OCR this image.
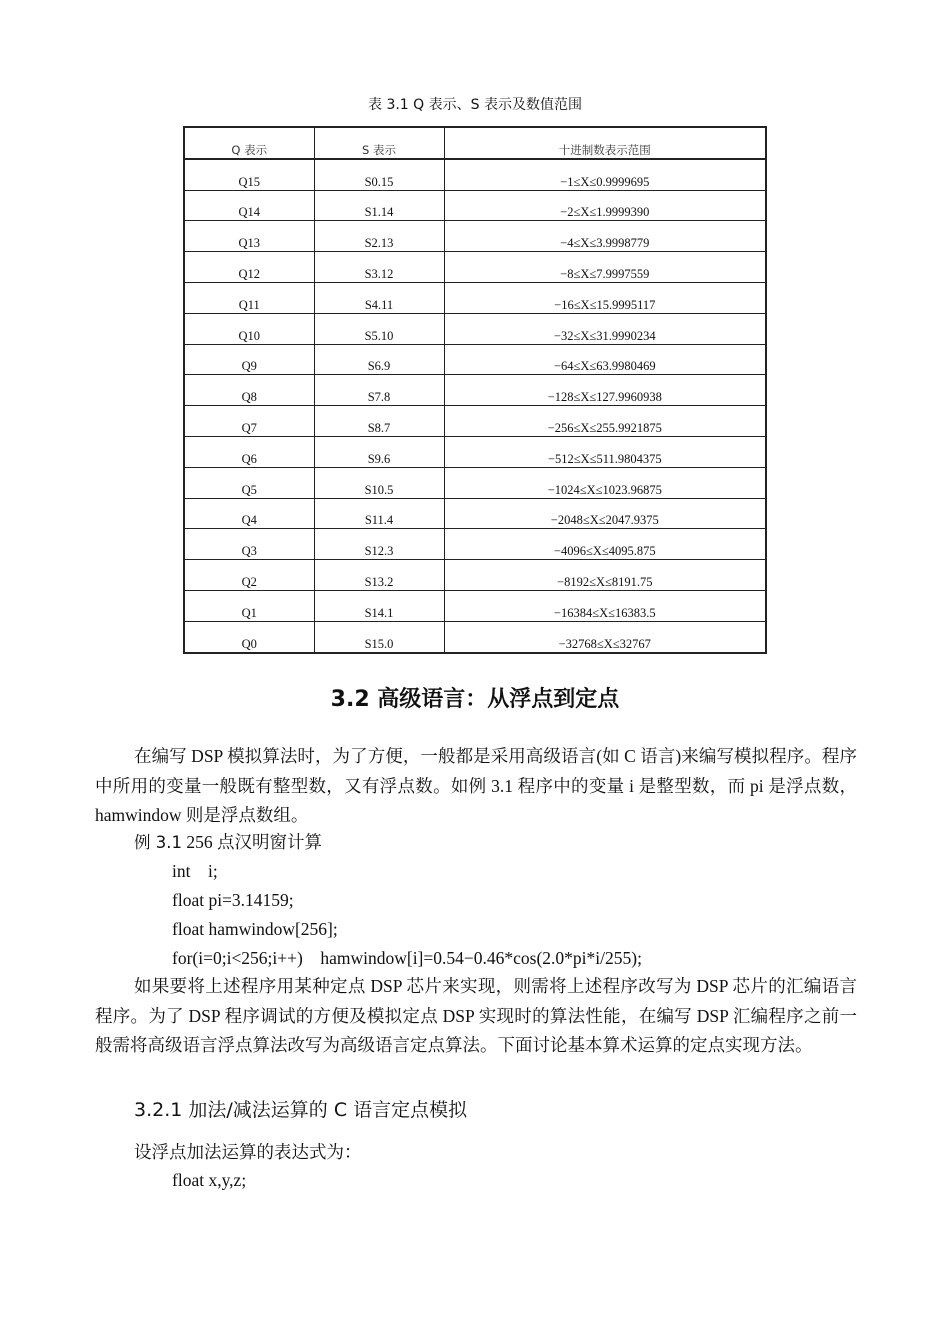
表 3.1 Q 表示、S 表示及数值范围
Q 表示	S 表示	十进制数表示范围
Q15	S0.15	−1≤X≤0.9999695
Q14	S1.14	−2≤X≤1.9999390
Q13	S2.13	−4≤X≤3.9998779
Q12	S3.12	−8≤X≤7.9997559
Q11	S4.11	−16≤X≤15.9995117
Q10	S5.10	−32≤X≤31.9990234
Q9	S6.9	−64≤X≤63.9980469
Q8	S7.8	−128≤X≤127.9960938
Q7	S8.7	−256≤X≤255.9921875
Q6	S9.6	−512≤X≤511.9804375
Q5	S10.5	−1024≤X≤1023.96875
Q4	S11.4	−2048≤X≤2047.9375
Q3	S12.3	−4096≤X≤4095.875
Q2	S13.2	−8192≤X≤8191.75
Q1	S14.1	−16384≤X≤16383.5
Q0	S15.0	−32768≤X≤32767
3.2 高级语言：从浮点到定点
在编写 DSP 模拟算法时，为了方便，一般都是采用高级语言(如 C 语言)来编写模拟程序。程序中所用的变量一般既有整型数，又有浮点数。如例 3.1 程序中的变量 i 是整型数，而 pi 是浮点数，hamwindow 则是浮点数组。
例 3.1 256 点汉明窗计算
int    i;
float pi=3.14159;
float hamwindow[256];
for(i=0;i<256;i++)    hamwindow[i]=0.54−0.46*cos(2.0*pi*i/255);
如果要将上述程序用某种定点 DSP 芯片来实现，则需将上述程序改写为 DSP 芯片的汇编语言程序。为了 DSP 程序调试的方便及模拟定点 DSP 实现时的算法性能，在编写 DSP 汇编程序之前一般需将高级语言浮点算法改写为高级语言定点算法。下面讨论基本算术运算的定点实现方法。
3.2.1 加法/减法运算的 C 语言定点模拟
设浮点加法运算的表达式为：
float x,y,z;
